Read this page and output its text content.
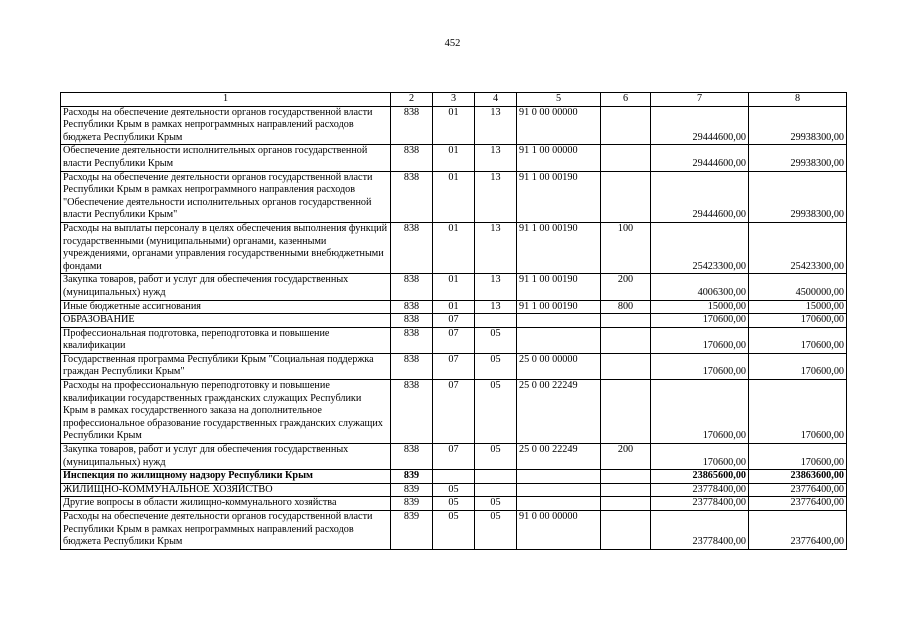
452
1	2	3	4	5	6	7	8
Расходы на обеспечение деятельности органов государственной власти Республики Крым в рамках непрограммных направлений расходов бюджета Республики Крым	838	01	13	91 0 00 00000		29444600,00	29938300,00
Обеспечение деятельности исполнительных органов государственной власти Республики Крым	838	01	13	91 1 00 00000		29444600,00	29938300,00
Расходы на обеспечение деятельности органов государственной власти Республики Крым в рамках непрограммного направления расходов "Обеспечение деятельности исполнительных органов государственной власти Республики Крым"	838	01	13	91 1 00 00190		29444600,00	29938300,00
Расходы на выплаты персоналу в целях обеспечения выполнения функций государственными (муниципальными) органами, казенными учреждениями, органами управления государственными внебюджетными фондами	838	01	13	91 1 00 00190	100	25423300,00	25423300,00
Закупка товаров, работ и услуг для обеспечения государственных (муниципальных) нужд	838	01	13	91 1 00 00190	200	4006300,00	4500000,00
Иные бюджетные ассигнования	838	01	13	91 1 00 00190	800	15000,00	15000,00
ОБРАЗОВАНИЕ	838	07				170600,00	170600,00
Профессиональная подготовка, переподготовка и повышение квалификации	838	07	05			170600,00	170600,00
Государственная программа Республики Крым "Социальная поддержка граждан Республики Крым"	838	07	05	25 0 00 00000		170600,00	170600,00
Расходы на профессиональную переподготовку и повышение квалификации государственных гражданских служащих Республики Крым в рамках государственного заказа на дополнительное профессиональное образование государственных гражданских служащих Республики Крым	838	07	05	25 0 00 22249		170600,00	170600,00
Закупка товаров, работ и услуг для обеспечения государственных (муниципальных) нужд	838	07	05	25 0 00 22249	200	170600,00	170600,00
Инспекция по жилищному надзору Республики Крым	839					23865600,00	23863600,00
ЖИЛИЩНО-КОММУНАЛЬНОЕ ХОЗЯЙСТВО	839	05				23778400,00	23776400,00
Другие вопросы в области жилищно-коммунального хозяйства	839	05	05			23778400,00	23776400,00
Расходы на обеспечение деятельности органов государственной власти Республики Крым в рамках непрограммных направлений расходов бюджета Республики Крым	839	05	05	91 0 00 00000		23778400,00	23776400,00
